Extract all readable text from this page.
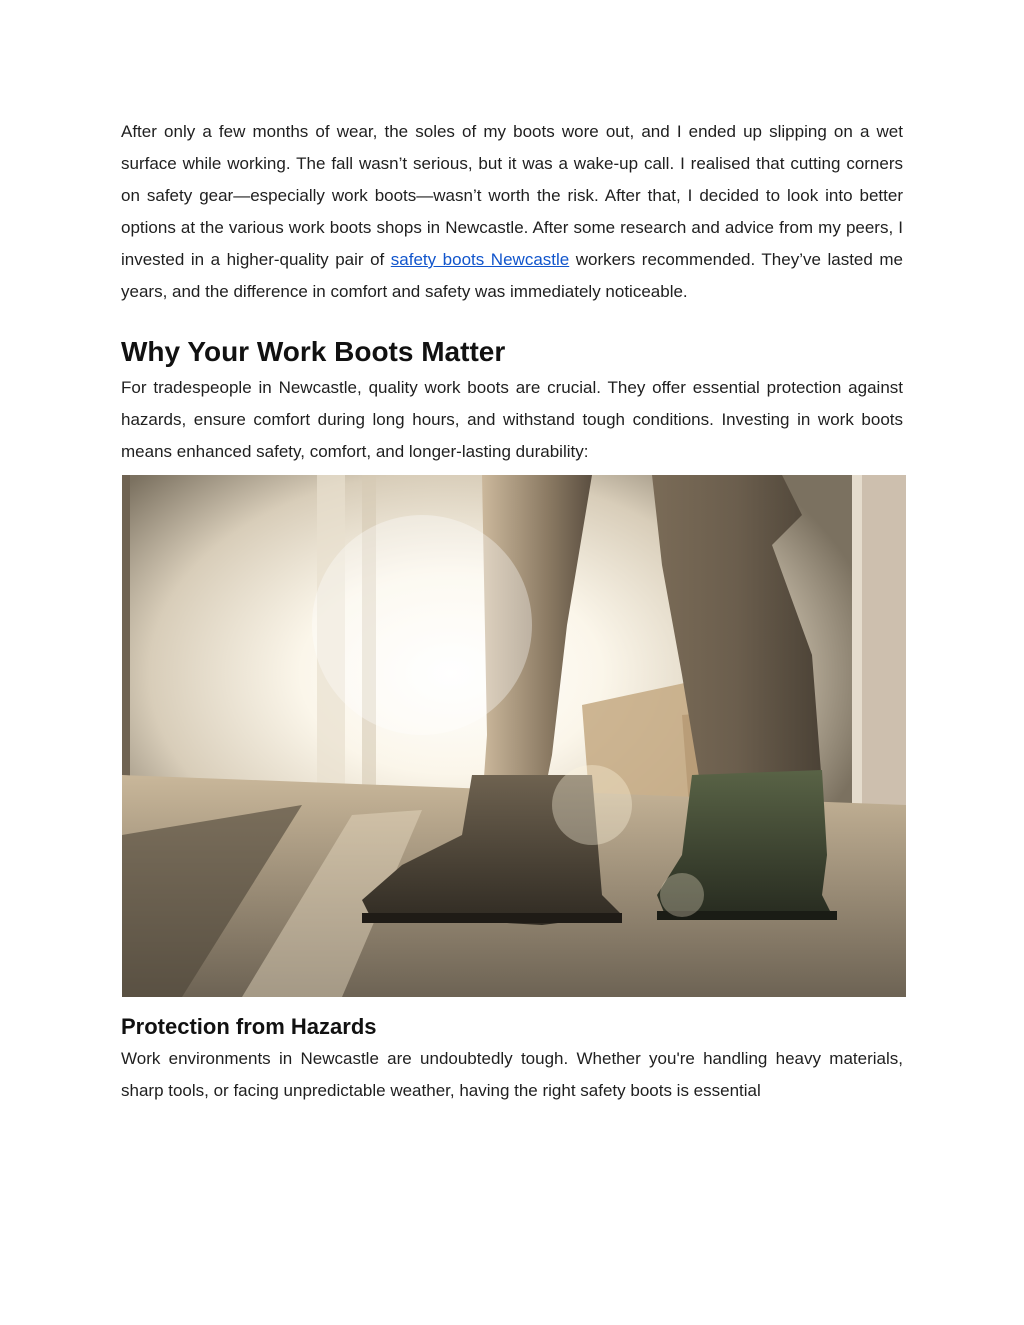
After only a few months of wear, the soles of my boots wore out, and I ended up slipping on a wet surface while working. The fall wasn’t serious, but it was a wake-up call. I realised that cutting corners on safety gear—especially work boots—wasn’t worth the risk. After that, I decided to look into better options at the various work boots shops in Newcastle. After some research and advice from my peers, I invested in a higher-quality pair of safety boots Newcastle workers recommended. They’ve lasted me years, and the difference in comfort and safety was immediately noticeable.

Why Your Work Boots Matter

For tradespeople in Newcastle, quality work boots are crucial. They offer essential protection against hazards, ensure comfort during long hours, and withstand tough conditions. Investing in work boots means enhanced safety, comfort, and longer-lasting durability:

Protection from Hazards

Work environments in Newcastle are undoubtedly tough. Whether you're handling heavy materials, sharp tools, or facing unpredictable weather, having the right safety boots is essential
